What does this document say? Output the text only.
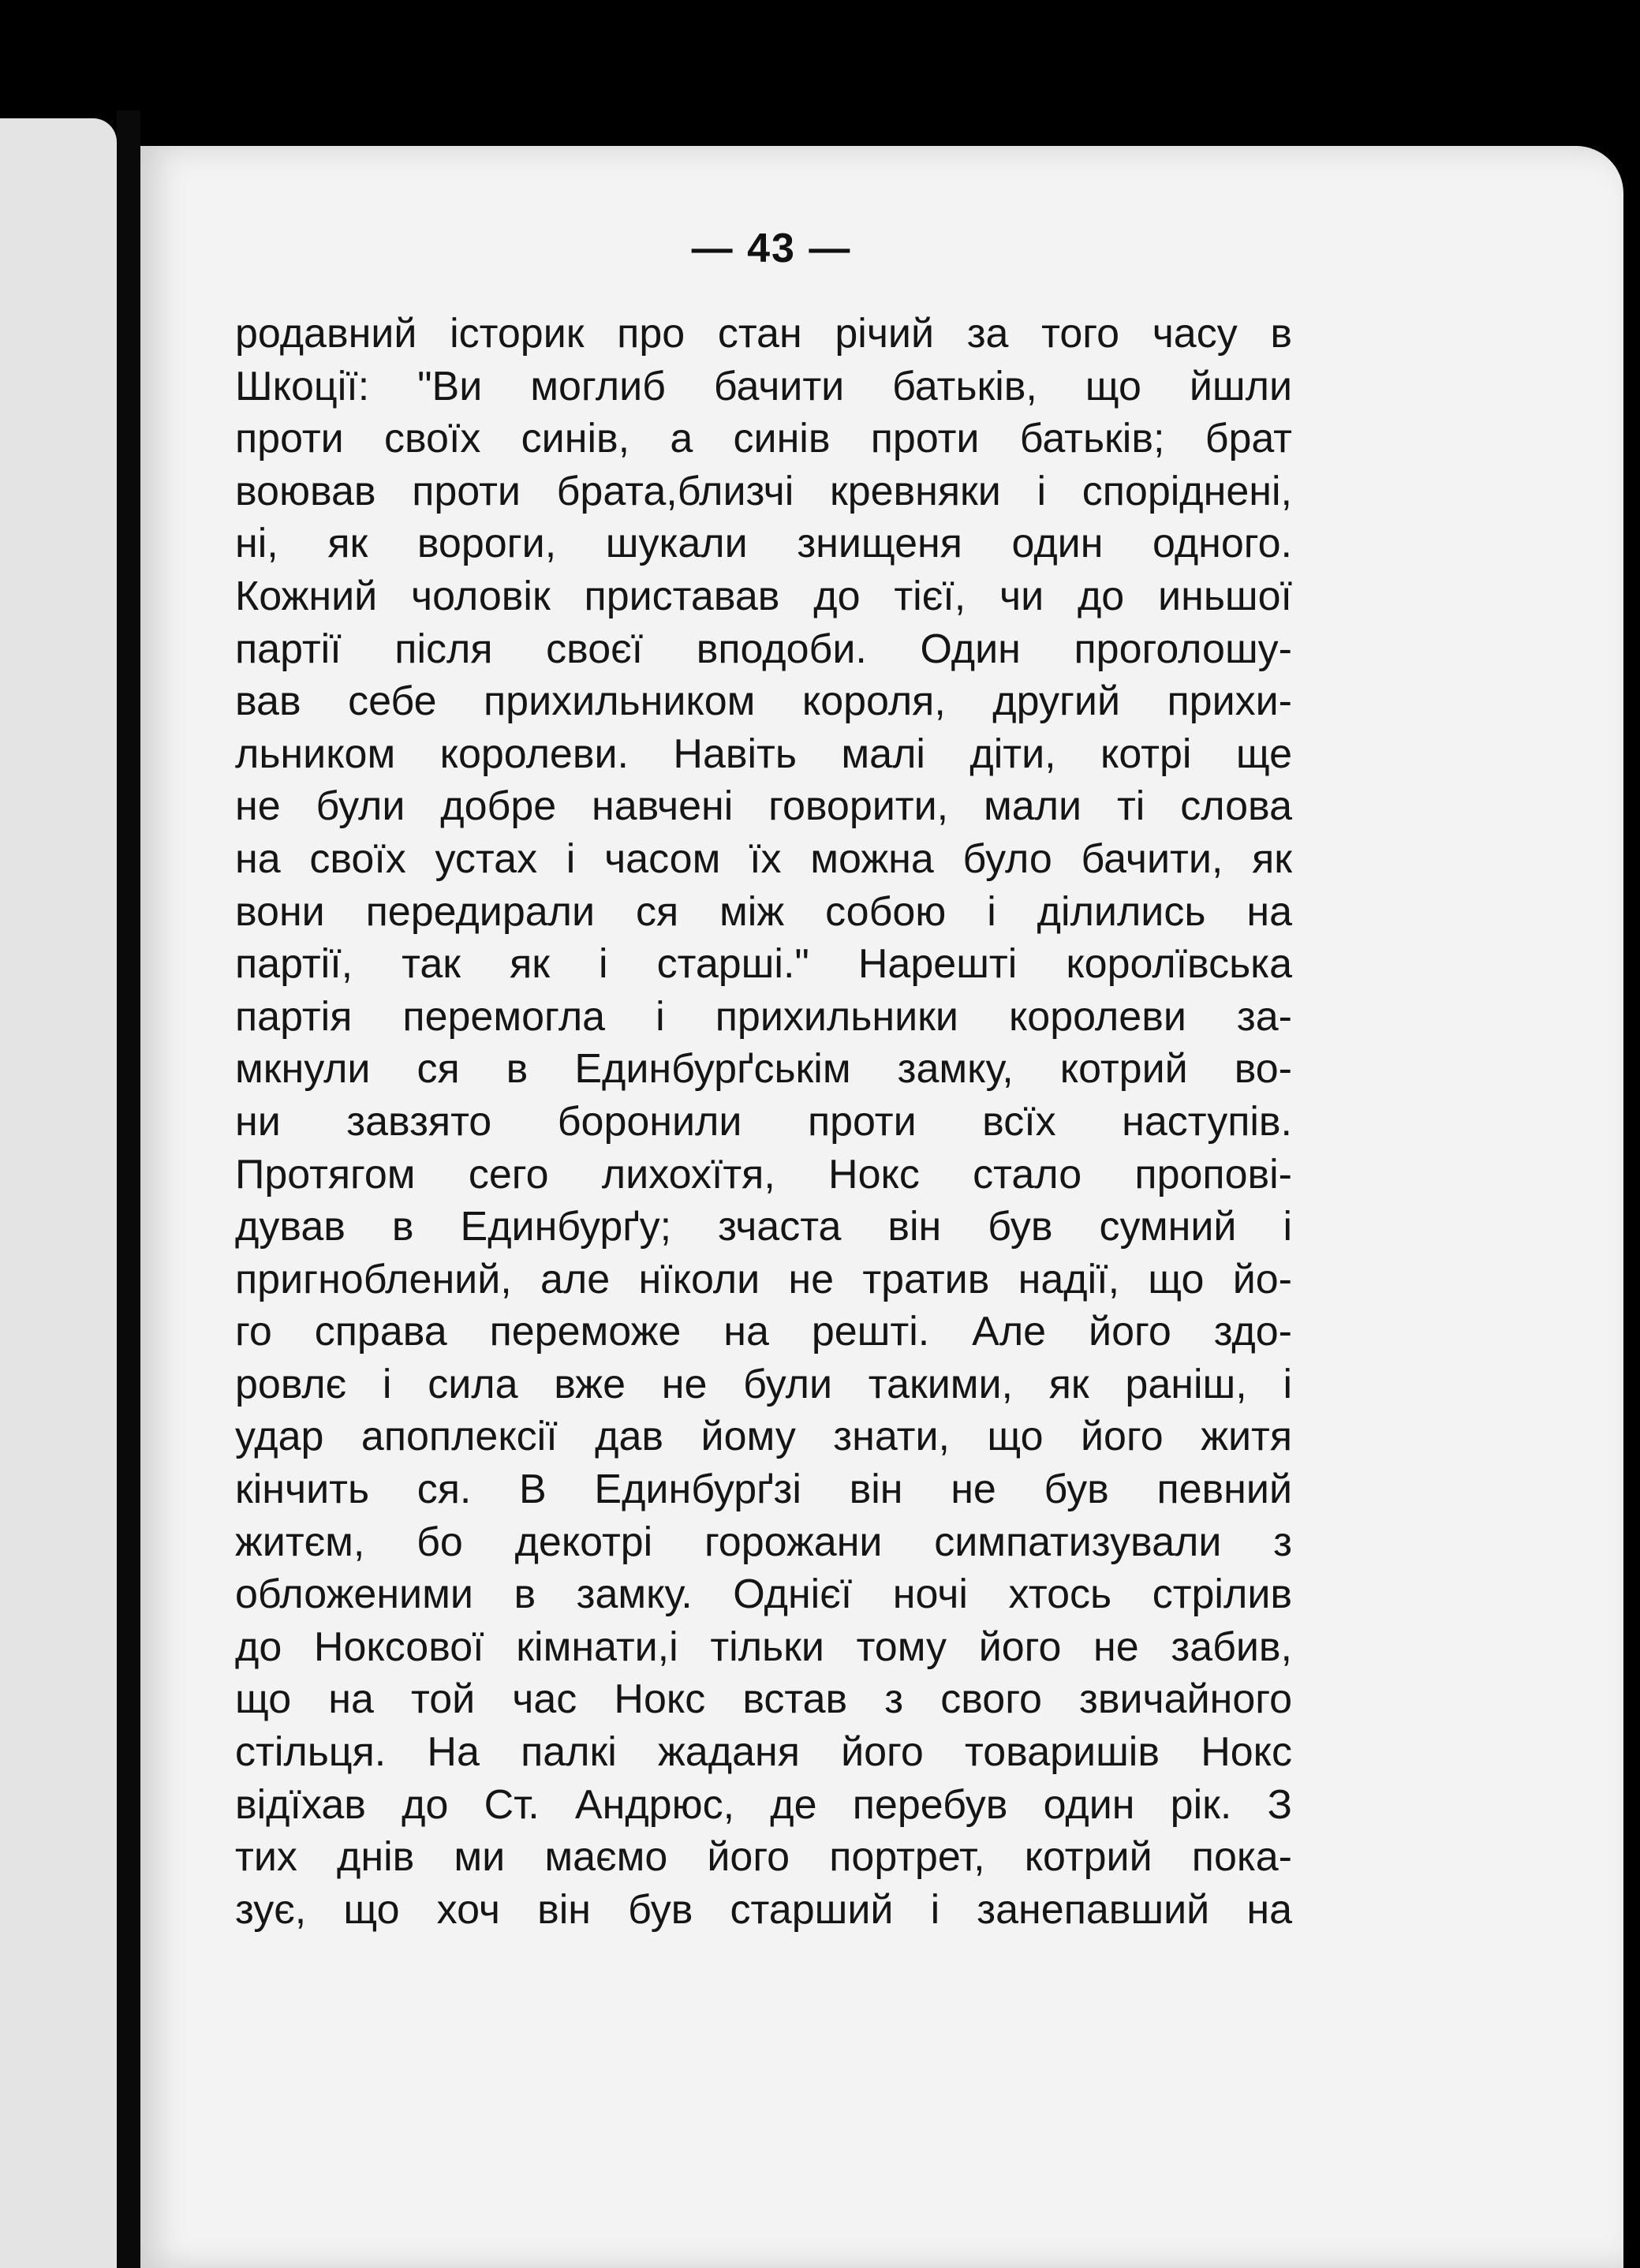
— 43 —
родавний історик про стан річий за того часу в
Шкоції: "Ви моглиб бачити батьків, що йшли
проти своїх синів, а синів проти батьків; брат
воював проти брата,близчі кревняки і споріднені,
ні, як вороги, шукали знищеня один одного.
Кожний чоловік приставав до тієї, чи до иньшої
партії після своєї вподоби. Один проголошу-
вав себе прихильником короля, другий прихи-
льником королеви. Навіть малі діти, котрі ще
не були добре навчені говорити, мали ті слова
на своїх устах і часом їх можна було бачити, як
вони передирали ся між собою і ділились на
партії, так як і старші." Нарешті королївська
партія перемогла і прихильники королеви за-
мкнули ся в Единбурґськім замку, котрий во-
ни завзято боронили проти всїх наступів.
Протягом сего лихохїтя, Нокс стало пропові-
дував в Единбурґу; зчаста він був сумний і
пригноблений, але нїколи не тратив надії, що йо-
го справа переможе на решті. Але його здо-
ровлє і сила вже не були такими, як раніш, і
удар апоплексії дав йому знати, що його житя
кінчить ся. В Единбурґзі він не був певний
житєм, бо декотрі горожани симпатизували з
обложеними в замку. Однієї ночі хтось стрілив
до Ноксової кімнати,і тільки тому його не забив,
що на той час Нокс встав з свого звичайного
стільця. На палкі жаданя його товаришів Нокс
відїхав до Ст. Андрюс, де перебув один рік. З
тих днів ми маємо його портрет, котрий пока-
зує, що хоч він був старший і занепавший на
